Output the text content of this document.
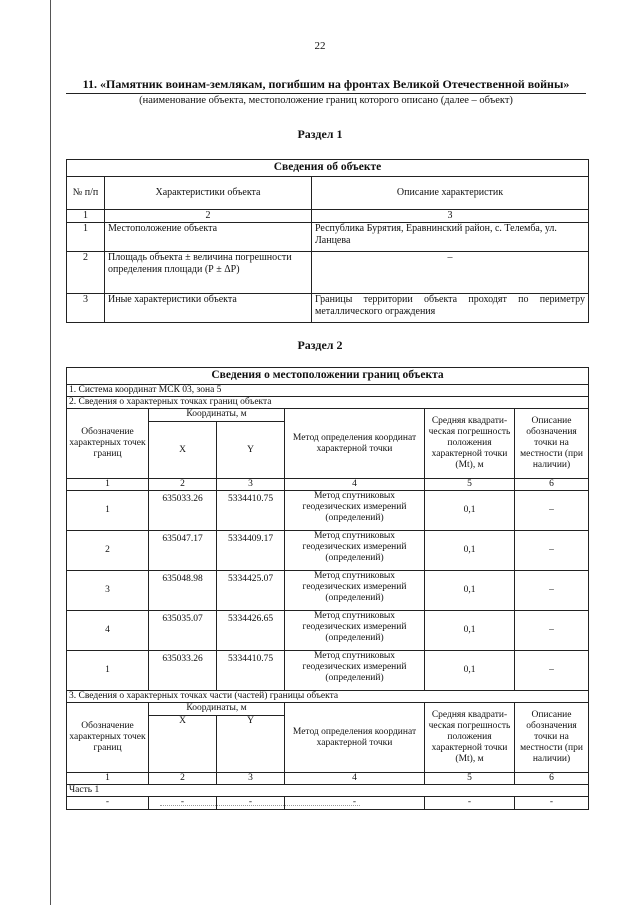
22
11. «Памятник воинам-землякам, погибшим на фронтах Великой Отечественной войны»
(наименование объекта, местоположение границ которого описано (далее – объект)
Раздел 1
Сведения об объекте		
№ п/п	Характеристики объекта	Описание характеристик
1	2	3
1	Местоположение объекта	Республика Бурятия, Еравнинский район, с. Телемба, ул. Ланцева
2	Площадь объекта ± величина погрешности определения площади (Р ± ΔР)	–
3	Иные характеристики объекта	Границы территории объекта проходят по периметру металлического ограждения
Раздел 2
Сведения о местоположении границ объекта					
1. Система координат МСК 03, зона 5					
2. Сведения о характерных точках границ объекта					
Обозначение характерных точек границ	Координаты, м		Метод определения координат характерной точки	Средняя квадрати-ческая погрешность положения характерной точки (Mt), м	Описание обозначения точки на местности (при наличии)
	X	Y			
1	2	3	4	5	6
1	635033.26	5334410.75	Метод спутниковых геодезических измерений (определений)	0,1	–
2	635047.17	5334409.17	Метод спутниковых геодезических измерений (определений)	0,1	–
3	635048.98	5334425.07	Метод спутниковых геодезических измерений (определений)	0,1	–
4	635035.07	5334426.65	Метод спутниковых геодезических измерений (определений)	0,1	–
1	635033.26	5334410.75	Метод спутниковых геодезических измерений (определений)	0,1	–
3. Сведения о характерных точках части (частей) границы объекта					
Обозначение характерных точек границ	Координаты, м		Метод определения координат характерной точки	Средняя квадрати-ческая погрешность положения характерной точки (Mt), м	Описание обозначения точки на местности (при наличии)
	X	Y			
1	2	3	4	5	6
Часть 1					
-	-	-	-	-	-
